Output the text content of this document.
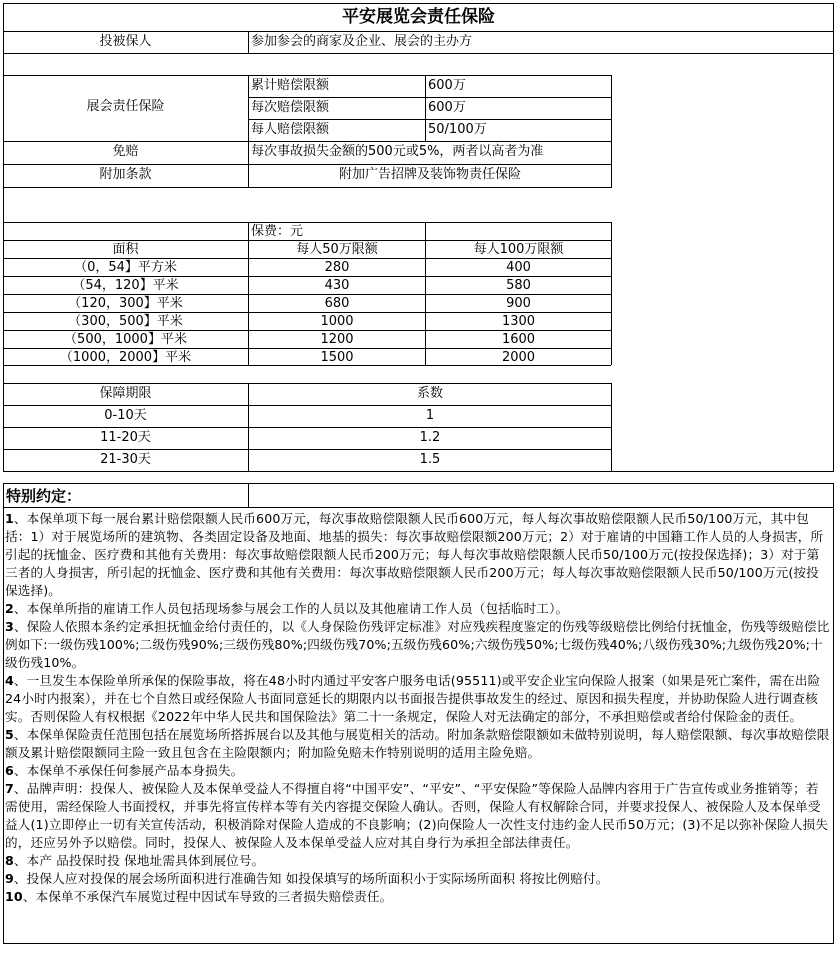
平安展览会责任保险
投被保人	参加参会的商家及企业、展会的主办方
展会责任保险
累计赔偿限额	600万
每次赔偿限额	600万
每人赔偿限额	50/100万
免赔	每次事故损失金额的500元或5%，两者以高者为准
附加条款	附加广告招牌及装饰物责任保险
保费：元
面积	每人50万限额	每人100万限额
（0，54】平方米	280	400
（54，120】平米	430	580
（120，300】平米	680	900
（300，500】平米	1000	1300
（500，1000】平米	1200	1600
（1000，2000】平米	1500	2000
保障期限	系数
0-10天	1
11-20天	1.2
21-30天	1.5
特别约定：

1、本保单项下每一展台累计赔偿限额人民币600万元，每次事故赔偿限额人民币600万元，每人每次事故赔偿限额人民币50/100万元，其中包括：1）对于展览场所的建筑物、各类固定设备及地面、地基的损失：每次事故赔偿限额200万元；2）对于雇请的中国籍工作人员的人身损害，所引起的抚恤金、医疗费和其他有关费用：每次事故赔偿限额人民币200万元；每人每次事故赔偿限额人民币50/100万元(按投保选择)；3）对于第三者的人身损害，所引起的抚恤金、医疗费和其他有关费用：每次事故赔偿限额人民币200万元；每人每次事故赔偿限额人民币50/100万元(按投保选择)。

2、本保单所指的雇请工作人员包括现场参与展会工作的人员以及其他雇请工作人员（包括临时工）。

3、保险人依照本条约定承担抚恤金给付责任的，以《人身保险伤残评定标准》对应残疾程度鉴定的伤残等级赔偿比例给付抚恤金，伤残等级赔偿比例如下:一级伤残100%;二级伤残90%;三级伤残80%;四级伤残70%;五级伤残60%;六级伤残50%;七级伤残40%;八级伤残30%;九级伤残20%;十级伤残10%。

4、一旦发生本保险单所承保的保险事故，将在48小时内通过平安客户服务电话(95511)或平安企业宝向保险人报案（如果是死亡案件，需在出险24小时内报案），并在七个自然日或经保险人书面同意延长的期限内以书面报告提供事故发生的经过、原因和损失程度，并协助保险人进行调查核实。否则保险人有权根据《2022年中华人民共和国保险法》第二十一条规定，保险人对无法确定的部分，不承担赔偿或者给付保险金的责任。

5、本保单保险责任范围包括在展览场所搭拆展台以及其他与展览相关的活动。附加条款赔偿限额如未做特别说明，每人赔偿限额、每次事故赔偿限额及累计赔偿限额同主险一致且包含在主险限额内；附加险免赔未作特别说明的适用主险免赔。

6、本保单不承保任何参展产品本身损失。

7、品牌声明：投保人、被保险人及本保单受益人不得擅自将“中国平安”、“平安”、“平安保险”等保险人品牌内容用于广告宣传或业务推销等；若需使用，需经保险人书面授权，并事先将宣传样本等有关内容提交保险人确认。否则，保险人有权解除合同，并要求投保人、被保险人及本保单受益人(1)立即停止一切有关宣传活动，积极消除对保险人造成的不良影响；(2)向保险人一次性支付违约金人民币50万元；(3)不足以弥补保险人损失的，还应另外予以赔偿。同时，投保人、被保险人及本保单受益人应对其自身行为承担全部法律责任。

8、本产 品投保时投 保地址需具体到展位号。

9、投保人应对投保的展会场所面积进行准确告知 如投保填写的场所面积小于实际场所面积 将按比例赔付。

10、本保单不承保汽车展览过程中因试车导致的三者损失赔偿责任。
